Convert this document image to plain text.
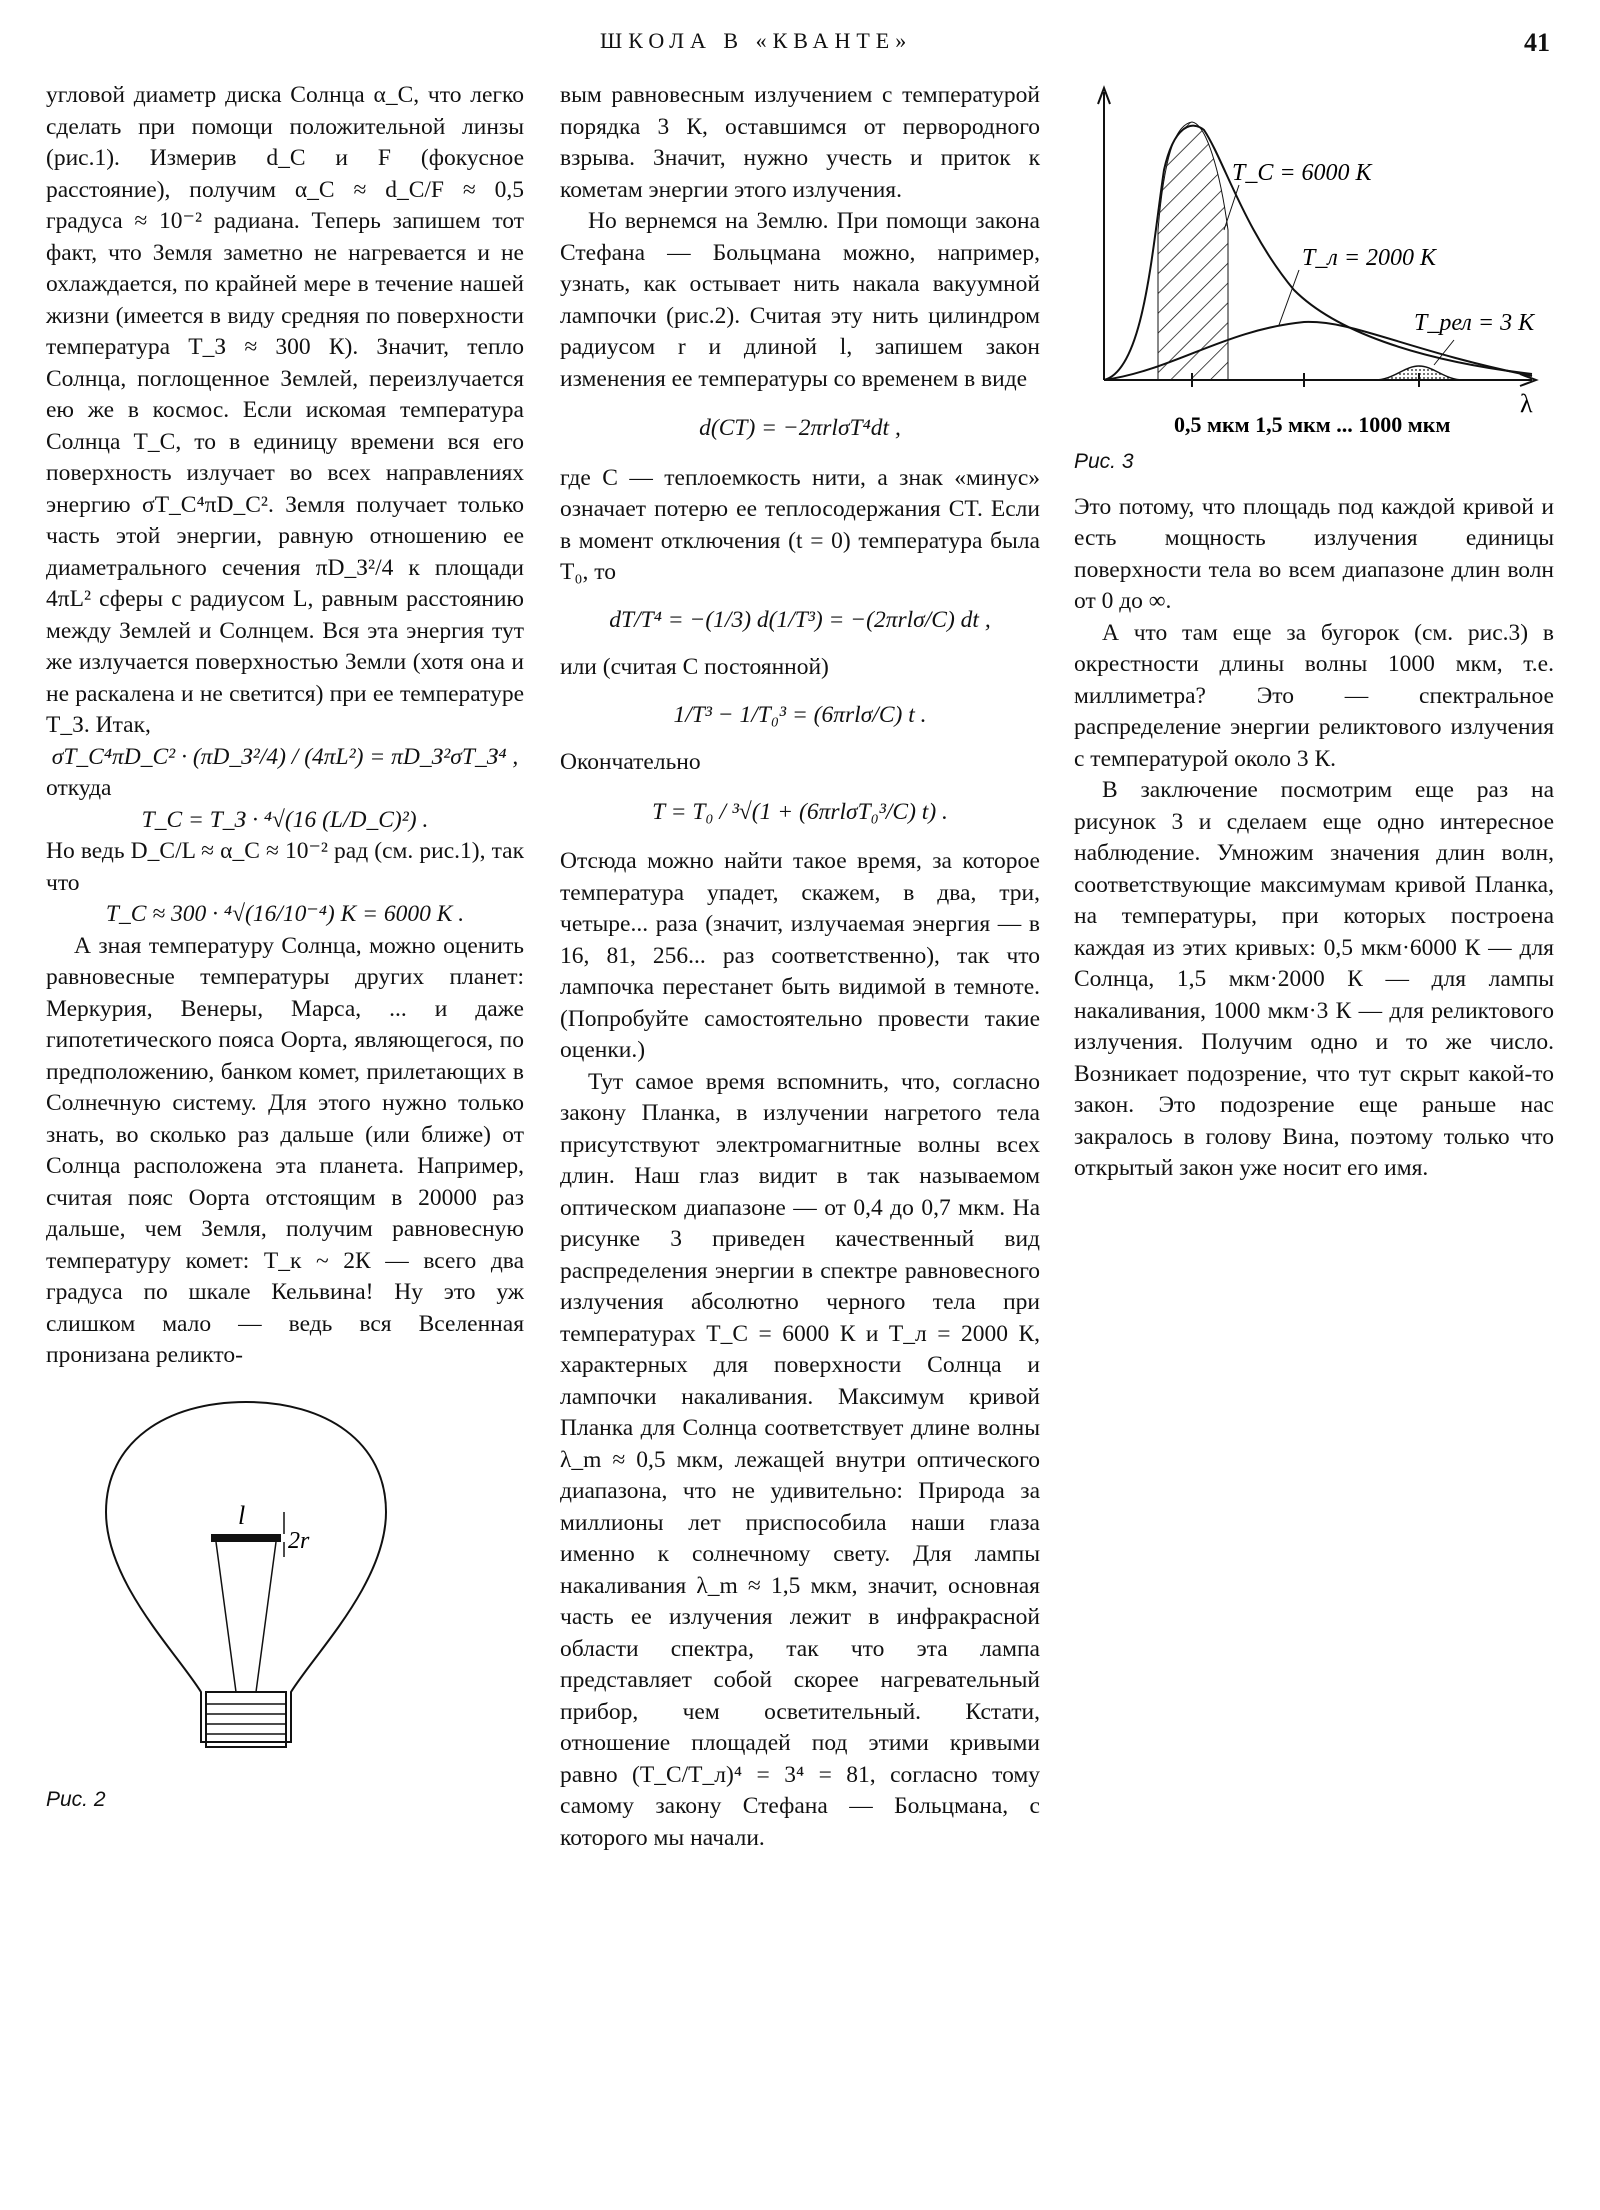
ШКОЛА В «КВАНТЕ»	41

угловой диаметр диска Солнца α_C, что легко сделать при помощи положительной линзы (рис.1). Измерив d_C и F (фокусное расстояние), получим α_C ≈ d_C/F ≈ 0,5 градуса ≈ 10⁻² радиана. Теперь запишем тот факт, что Земля заметно не нагревается и не охлаждается, по крайней мере в течение нашей жизни (имеется в виду средняя по поверхности температура T_З ≈ 300 К). Значит, тепло Солнца, поглощенное Землей, переизлучается ею же в космос. Если искомая температура Солнца T_C, то в единицу времени вся его поверхность излучает во всех направлениях энергию σT_C⁴πD_C². Земля получает только часть этой энергии, равную отношению ее диаметрального сечения πD_З²/4 к площади 4πL² сферы с радиусом L, равным расстоянию между Землей и Солнцем. Вся эта энергия тут же излучается поверхностью Земли (хотя она и не раскалена и не светится) при ее температуре T_З. Итак,

σT_C⁴πD_C² · (πD_З²/4) / (4πL²) = πD_З²σT_З⁴ ,

откуда

T_C = T_З · ⁴√(16 (L/D_C)²) .

Но ведь D_C/L ≈ α_C ≈ 10⁻² рад (см. рис.1), так что

T_C ≈ 300 · ⁴√(16/10⁻⁴) К = 6000 К .

А зная температуру Солнца, можно оценить равновесные температуры других планет: Меркурия, Венеры, Марса, ... и даже гипотетического пояса Оорта, являющегося, по предположению, банком комет, прилетающих в Солнечную систему. Для этого нужно только знать, во сколько раз дальше (или ближе) от Солнца расположена эта планета. Например, считая пояс Оорта отстоящим в 20000 раз дальше, чем Земля, получим равновесную температуру комет: T_к ~ 2К — всего два градуса по шкале Кельвина! Ну это уж слишком мало — ведь вся Вселенная пронизана реликто-

l
2r
Рис. 2

вым равновесным излучением с температурой порядка 3 К, оставшимся от первородного взрыва. Значит, нужно учесть и приток к кометам энергии этого излучения.

Но вернемся на Землю. При помощи закона Стефана — Больцмана можно, например, узнать, как остывает нить накала вакуумной лампочки (рис.2). Считая эту нить цилиндром радиусом r и длиной l, запишем закон изменения ее температуры со временем в виде

d(CT) = −2πrlσT⁴dt ,

где C — теплоемкость нити, а знак «минус» означает потерю ее теплосодержания CT. Если в момент отключения (t = 0) температура была T₀, то

dT/T⁴ = −(1/3) d(1/T³) = −(2πrlσ/C) dt ,

или (считая C постоянной)

1/T³ − 1/T₀³ = (6πrlσ/C) t .

Окончательно

T = T₀ / ³√(1 + (6πrlσT₀³/C) t) .

Отсюда можно найти такое время, за которое температура упадет, скажем, в два, три, четыре... раза (значит, излучаемая энергия — в 16, 81, 256... раз соответственно), так что лампочка перестанет быть видимой в темноте. (Попробуйте самостоятельно провести такие оценки.)

Тут самое время вспомнить, что, согласно закону Планка, в излучении нагретого тела присутствуют электромагнитные волны всех длин. Наш глаз видит в так называемом оптическом диапазоне — от 0,4 до 0,7 мкм. На рисунке 3 приведен качественный вид распределения энергии в спектре равновесного излучения абсолютно черного тела при температурах T_C = 6000 К и T_л = 2000 К, характерных для поверхности Солнца и лампочки накаливания. Максимум кривой Планка для Солнца соответствует длине волны λ_m ≈ 0,5 мкм, лежащей внутри оптического диапазона, что не удивительно: Природа за миллионы лет приспособила наши глаза именно к солнечному свету. Для лампы накаливания λ_m ≈ 1,5 мкм, значит, основная часть ее излучения лежит в инфракрасной области спектра, так что эта лампа представляет собой скорее нагревательный прибор, чем осветительный. Кстати, отношение площадей под этими кривыми равно (T_C/T_л)⁴ = 3⁴ = 81, согласно тому самому закону Стефана — Больцмана, с которого мы начали.

T_C = 6000 К
T_л = 2000 К
T_рел = 3 К
λ
0,5 мкм 1,5 мкм ... 1000 мкм
Рис. 3

Это потому, что площадь под каждой кривой и есть мощность излучения единицы поверхности тела во всем диапазоне длин волн от 0 до ∞.

А что там еще за бугорок (см. рис.3) в окрестности длины волны 1000 мкм, т.е. миллиметра? Это — спектральное распределение энергии реликтового излучения с температурой около 3 К.

В заключение посмотрим еще раз на рисунок 3 и сделаем еще одно интересное наблюдение. Умножим значения длин волн, соответствующие максимумам кривой Планка, на температуры, при которых построена каждая из этих кривых: 0,5 мкм·6000 К — для Солнца, 1,5 мкм·2000 К — для лампы накаливания, 1000 мкм·3 К — для реликтового излучения. Получим одно и то же число. Возникает подозрение, что тут скрыт какой-то закон. Это подозрение еще раньше нас закралось в голову Вина, поэтому только что открытый закон уже носит его имя.
